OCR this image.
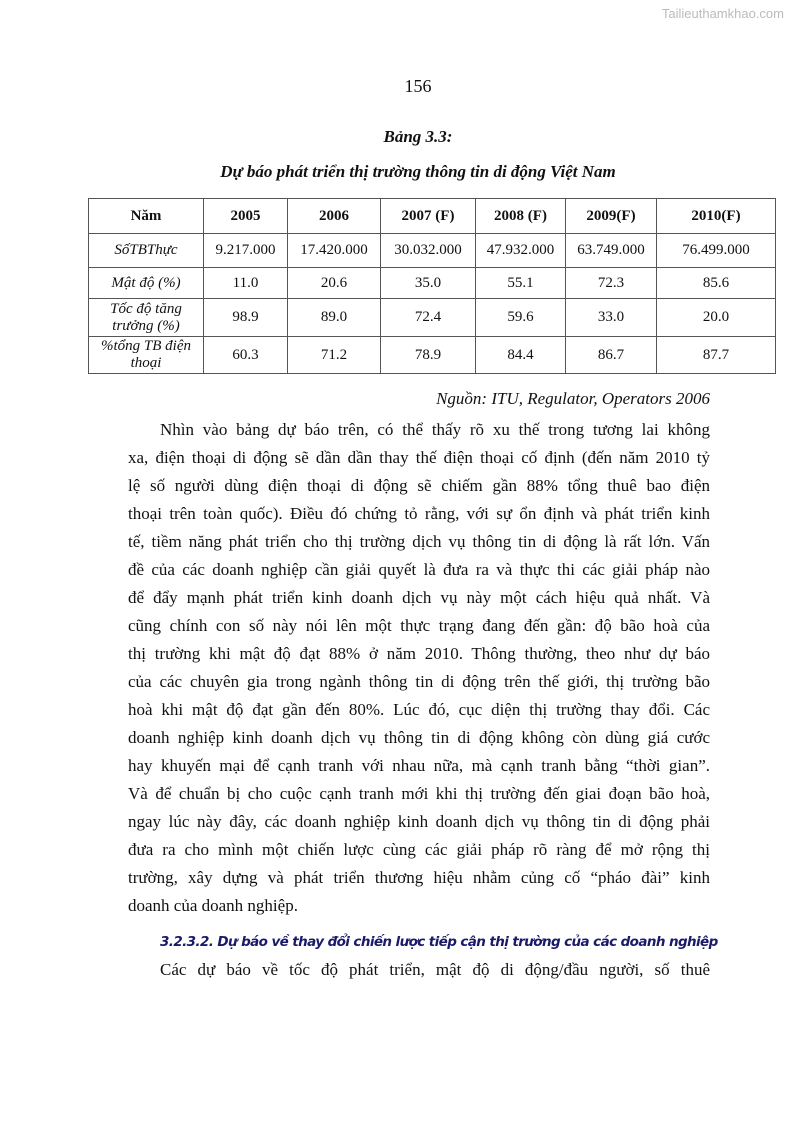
Tailieuthamkhao.com
156
Bảng 3.3:
Dự báo phát triển thị trường thông tin di động Việt Nam
Năm	2005	2006	2007 (F)	2008 (F)	2009(F)	2010(F)
SốTBThực	9.217.000	17.420.000	30.032.000	47.932.000	63.749.000	76.499.000
Mật độ (%)	11.0	20.6	35.0	55.1	72.3	85.6
Tốc độ tăng trưởng (%)	98.9	89.0	72.4	59.6	33.0	20.0
%tổng TB điện thoại	60.3	71.2	78.9	84.4	86.7	87.7
Nguồn: ITU, Regulator, Operators 2006
Nhìn vào bảng dự báo trên, có thể thấy rõ xu thế trong tương lai không
xa, điện thoại di động sẽ dần dần thay thế điện thoại cố định (đến năm 2010 tỷ
lệ số người dùng điện thoại di động sẽ chiếm gần 88% tổng thuê bao điện
thoại trên toàn quốc). Điều đó chứng tỏ rằng, với sự ổn định và phát triển kinh
tế, tiềm năng phát triển cho thị trường dịch vụ thông tin di động là rất lớn. Vấn
đề của các doanh nghiệp cần giải quyết là đưa ra và thực thi các giải pháp nào
để đẩy mạnh phát triển kinh doanh dịch vụ này một cách hiệu quả nhất. Và
cũng chính con số này nói lên một thực trạng đang đến gần: độ bão hoà của
thị trường khi mật độ đạt 88% ở năm 2010. Thông thường, theo như dự báo
của các chuyên gia trong ngành thông tin di động trên thế giới, thị trường bão
hoà khi mật độ đạt gần đến 80%. Lúc đó, cục diện thị trường thay đổi. Các
doanh nghiệp kinh doanh dịch vụ thông tin di động không còn dùng giá cước
hay khuyến mại để cạnh tranh với nhau nữa, mà cạnh tranh bằng “thời gian”.
Và để chuẩn bị cho cuộc cạnh tranh mới khi thị trường đến giai đoạn bão hoà,
ngay lúc này đây, các doanh nghiệp kinh doanh dịch vụ thông tin di động phải
đưa ra cho mình một chiến lược cùng các giải pháp rõ ràng để mở rộng thị
trường, xây dựng và phát triển thương hiệu nhằm củng cố “pháo đài” kinh
doanh của doanh nghiệp.
3.2.3.2. Dự báo về thay đổi chiến lược tiếp cận thị trường của các doanh nghiệp
Các dự báo về tốc độ phát triển, mật độ di động/đầu người, số thuê
